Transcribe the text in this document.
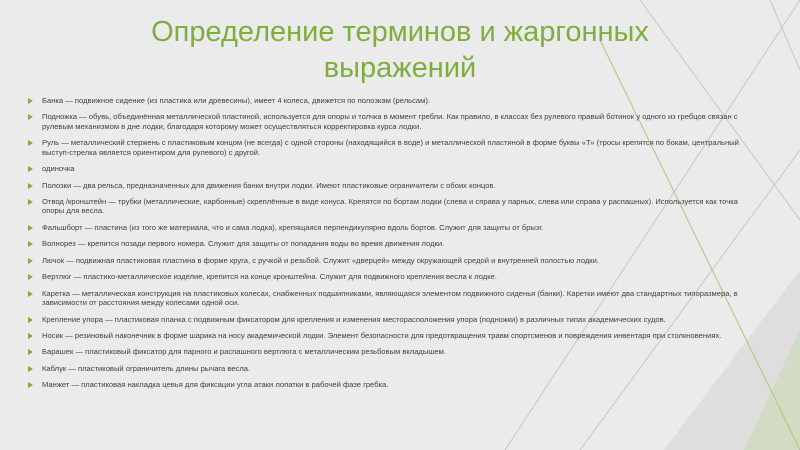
Определение терминов и жаргонных выражений
Банка — подвижное сидение (из пластика или древесины), имеет 4 колеса, движется по полозкам (рельсам).
Подножка — обувь, объединённая металлической пластиной, используется для опоры и толчка в момент гребли. Как правило, в классах без рулевого правый ботинок у одного из гребцов связан с рулевым механизмом в дне лодки, благодаря которому может осуществляться корректировка курса лодки.
Руль — металлический стержень с пластиковым концом (не всегда) с одной стороны (находящийся в воде) и металлической пластиной в форме буквы «Т» (тросы крепятся по бокам, центральный выступ-стрелка является ориентиром для рулевого) с другой.
одиночка
Полозки — два рельса, предназначенных для движения банки внутри лодки. Имеют пластиковые ограничители с обоих концов.
Отвод /кронштейн — трубки (металлические, карбонные) скреплённые в виде конуса. Крепятся по бортам лодки (слева и справа у парных, слева или справа у распашных). Используется как точка опоры для весла.
Фальшборт — пластина (из того же материала, что и сама лодка), крепящаяся перпендикулярно вдоль бортов. Служит для защиты от брызг.
Волнорез — крепится позади первого номера. Служит для защиты от попадания воды во время движения лодки.
Лючок — подвижная пластиковая пластина в форме круга, с ручкой и резьбой. Служит «дверцей» между окружающей средой и внутренней полостью лодки.
Вертлюг — пластико-металлическое изделие, крепится на конце кронштейна. Служит для подвижного крепления весла к лодке.
Каретка — металлическая конструкция на пластиковых колесах, снабженных подшипниками, являющаяся элементом подвижного сиденья (банки). Каретки имеют два стандартных типоразмера, в зависимости от расстояния между колесами одной оси.
Крепление упора — пластиковая планка с подвижным фиксатором для крепления и изменения месторасположения упора (подножки) в различных типах академических судов.
Носик — резиновый наконечник в форме шарика на носу академической лодки. Элемент безопасности для предотвращения травм спортсменов и повреждения инвентаря при столкновениях.
Барашек — пластиковый фиксатор для парного и распашного вертлюга с металлическим резьбовым вкладышем.
Каблук — пластиковый ограничитель длины рычага весла.
Манжет — пластиковая накладка цевья для фиксации угла атаки лопатки в рабочей фазе гребка.
